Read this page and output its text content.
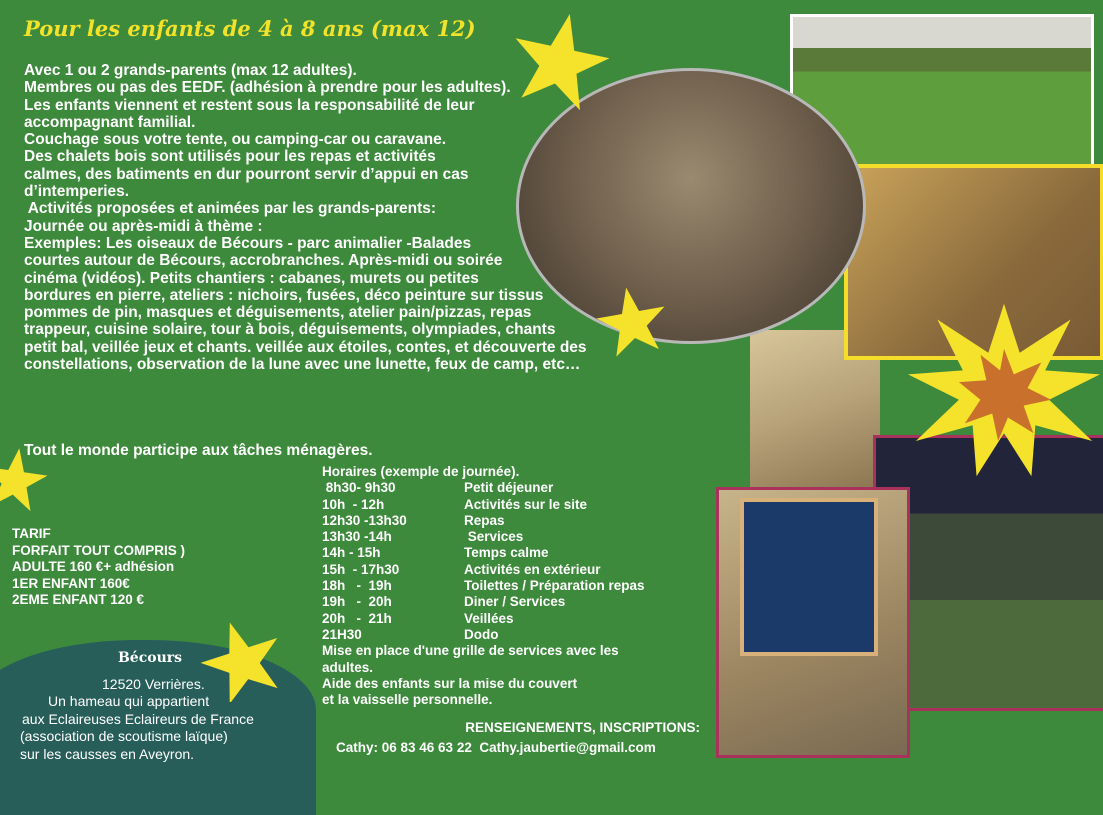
Pour les enfants de 4 à 8 ans (max 12)
Avec 1 ou 2 grands-parents (max 12 adultes).
Membres ou pas des EEDF. (adhésion à prendre pour les adultes).
Les enfants viennent et restent sous la responsabilité de leur
accompagnant familial.
Couchage sous votre tente, ou camping-car ou caravane.
Des chalets bois sont utilisés pour les repas et activités
calmes, des batiments en dur pourront servir d’appui en cas
d’intemperies.
Activités proposées et animées par les grands-parents:
Journée ou après-midi à thème :
Exemples: Les oiseaux de Bécours - parc animalier -Balades
courtes autour de Bécours, accrobranches. Après-midi ou soirée
cinéma (vidéos). Petits chantiers : cabanes, murets ou petites
bordures en pierre, ateliers : nichoirs, fusées, déco peinture sur tissus
pommes de pin, masques et déguisements, atelier pain/pizzas, repas
trappeur, cuisine solaire, tour à bois, déguisements, olympiades, chants
petit bal, veillée jeux et chants. veillée aux étoiles, contes, et découverte des
constellations, observation de la lune avec une lunette, feux de camp, etc…
Tout le monde participe aux tâches ménagères.
TARIF
FORFAIT TOUT COMPRIS )
ADULTE 160 €+ adhésion
1ER ENFANT 160€
2EME ENFANT 120 €
Horaires (exemple de journée).
8h30- 9h30	Petit déjeuner
10h  - 12h	Activités sur le site
12h30 -13h30	Repas
13h30 -14h	Services
14h - 15h	Temps calme
15h  - 17h30	Activités en extérieur
18h   -  19h	Toilettes / Préparation repas
19h   -  20h	Diner / Services
20h   -  21h	Veillées
21H30	Dodo
Mise en place d'une grille de services avec les
adultes.
Aide des enfants sur la mise du couvert
et la vaisselle personnelle.
RENSEIGNEMENTS, INSCRIPTIONS:
Cathy: 06 83 46 63 22  Cathy.jaubertie@gmail.com
Bécours
12520 Verrières.
Un hameau qui appartient
aux Eclaireuses Eclaireurs de France
(association de scoutisme laïque)
sur les causses en Aveyron.
